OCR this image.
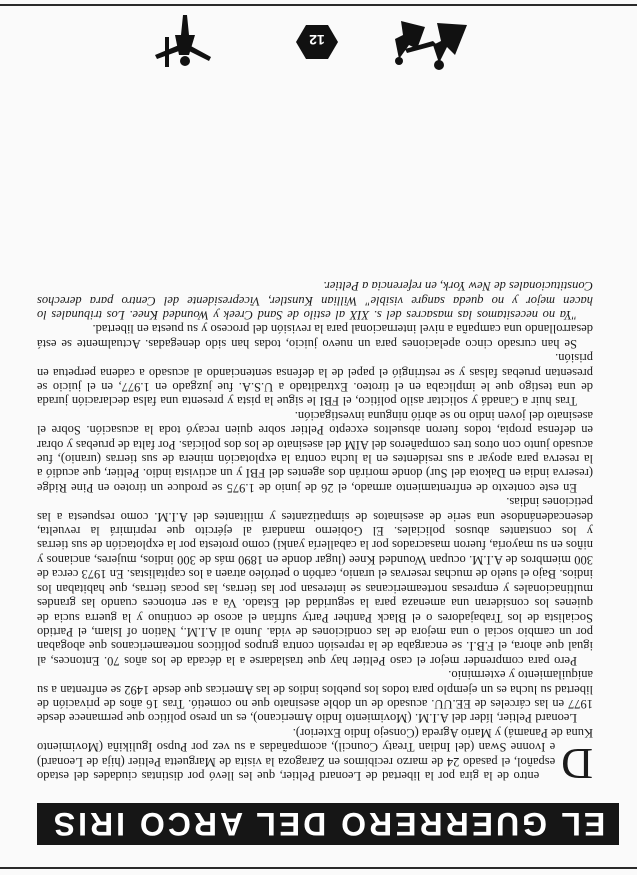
EL GUERRERO DEL ARCO IRIS

D
entro de la gira por la libertad de Leonard Peltier, que les llevó por distintas ciudades del estado español, el pasado 24 de marzo recibimos en Zaragoza la visita de Marguetta Peltier (hija de Leonard) e Ivonne Swan (del Indian Treaty Council), acompañadas a su vez por Pupso Igulikiña (Movimiento Kuna de Panamá) y Mario Agreda (Consejo Indio Exterior).

Leonard Peltier, líder del A.I.M. (Movimiento Indio Americano), es un preso político que permanece desde 1977 en las cárceles de EE.UU. acusado de un doble asesinato que no cometió. Tras 16 años de privación de libertad su lucha es un ejemplo para todos los pueblos indios de las Americas que desde 1492 se enfrentan a su aniquilamiento y exterminio.

Pero para comprender mejor el caso Peltier hay que trasladarse a la década de los años 70. Entonces, al igual que ahora, el F.B.I. se encargaba de la represión contra grupos políticos norteamericanos que abogaban por un cambio social o una mejora de las condiciones de vida. Junto al A.I.M., Nation of Islam, el Partido Socialista de los Trabajadores o el Black Panther Party sufrían el acoso de continuo y la guerra sucia de quienes los consideran una amenaza para la seguridad del Estado. Va a ser entonces cuando las grandes multinacionales y empresas norteamericanas se interesan por las tierras, las pocas tierras, que habitaban los indios. Bajo el suelo de muchas reservas el uranio, carbón o petróleo atraen a los capitalistas. En 1973 cerca de 300 miembros de A.I.M. ocupan Wounded Knee (lugar donde en 1890 más de 300 indios, mujeres, ancianos y niños en su mayoría, fueron masacrados por la caballería yanki) como protesta por la explotación de sus tierras y los constantes abusos policiales. El Gobierno mandará al ejército que reprimirá la revuelta, desencadenándose una serie de asesinatos de simpatizantes y militantes del A.I.M. como respuesta a las peticiones indias.

En este contexto de enfrentamiento armado, el 26 de junio de 1.975 se produce un tiroteo en Pine Ridge (reserva india en Dakota del Sur) donde morirán dos agentes del FBI y un activista indio. Peltier, que acudió a la reserva para apoyar a sus residentes en la lucha contra la explotación minera de sus tierras (uranio), fue acusado junto con otros tres compañeros del AIM del asesinato de los dos policías. Por falta de pruebas y obrar en defensa propia, todos fueron absueltos excepto Peltier sobre quien recayó toda la acusación. Sobre el asesinato del joven indio no se abrió ninguna investigación.

Tras huir a Canadá y solicitar asilo político, el FBI le sigue la pista y presenta una falsa declaración jurada de una testigo que le implicaba en el tiroteo. Extraditado a U.S.A. fue juzgado en 1.977, en el juicio se presentan pruebas falsas y se restringió el papel de la defensa sentenciando al acusado a cadena perpetua en prisión.

Se han cursado cinco apelaciones para un nuevo juicio, todas han sido denegadas. Actualmente se está desarrollando una campaña a nivel internacional para la revisión del proceso y su puesta en libertad.

"Ya no necesitamos las masacres del s. XIX al estilo de Sand Creek y Wounded Knee. Los tribunales lo hacen mejor y no queda sangre visible" Willian Kunstler, Vicepresidente del Centro para derechos Constitucionales de New York, en referencia a Peltier.

12
